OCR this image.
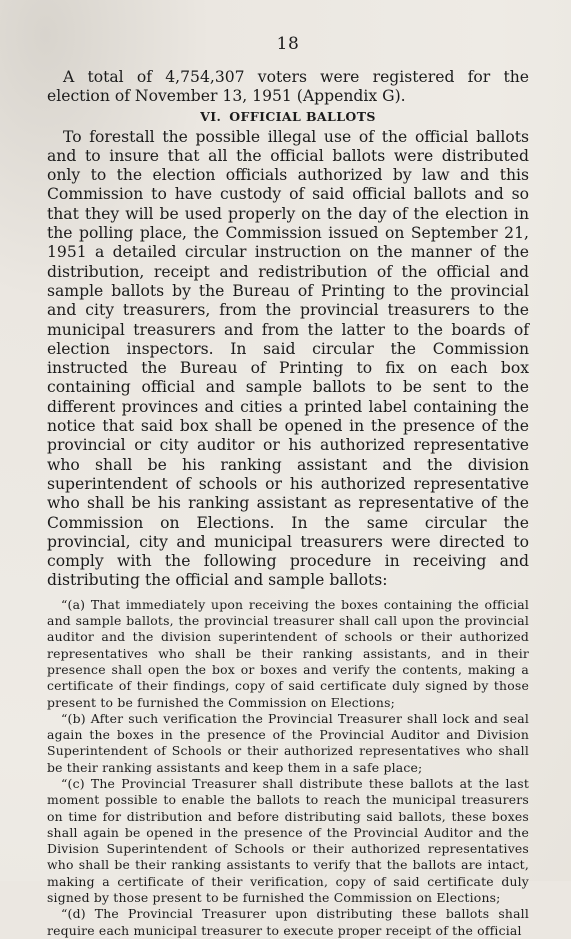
18

A total of 4,754,307 voters were registered for the election of November 13, 1951 (Appendix G).

VI. OFFICIAL BALLOTS

To forestall the possible illegal use of the official ballots and to insure that all the official ballots were distributed only to the election officials authorized by law and this Commission to have custody of said official ballots and so that they will be used properly on the day of the election in the polling place, the Commission issued on September 21, 1951 a detailed circular instruction on the manner of the distribution, receipt and redistribution of the official and sample ballots by the Bureau of Printing to the provincial and city treasurers, from the provincial treasurers to the municipal treasurers and from the latter to the boards of election inspectors. In said circular the Commission instructed the Bureau of Printing to fix on each box containing official and sample ballots to be sent to the different provinces and cities a printed label containing the notice that said box shall be opened in the presence of the provincial or city auditor or his authorized representative who shall be his ranking assistant and the division superintendent of schools or his authorized representative who shall be his ranking assistant as representative of the Commission on Elections. In the same circular the provincial, city and municipal treasurers were directed to comply with the following procedure in receiving and distributing the official and sample ballots:

“(a) That immediately upon receiving the boxes containing the official and sample ballots, the provincial treasurer shall call upon the provincial auditor and the division superintendent of schools or their authorized representatives who shall be their ranking assistants, and in their presence shall open the box or boxes and verify the contents, making a certificate of their findings, copy of said certificate duly signed by those present to be furnished the Commission on Elections;

“(b) After such verification the Provincial Treasurer shall lock and seal again the boxes in the presence of the Provincial Auditor and Division Superintendent of Schools or their authorized representatives who shall be their ranking assistants and keep them in a safe place;

“(c) The Provincial Treasurer shall distribute these ballots at the last moment possible to enable the ballots to reach the municipal treasurers on time for distribution and before distributing said ballots, these boxes shall again be opened in the presence of the Provincial Auditor and the Division Superintendent of Schools or their authorized representatives who shall be their ranking assistants to verify that the ballots are intact, making a certificate of their verification, copy of said certificate duly signed by those present to be furnished the Commission on Elections;

“(d) The Provincial Treasurer upon distributing these ballots shall require each municipal treasurer to execute proper receipt of the official
